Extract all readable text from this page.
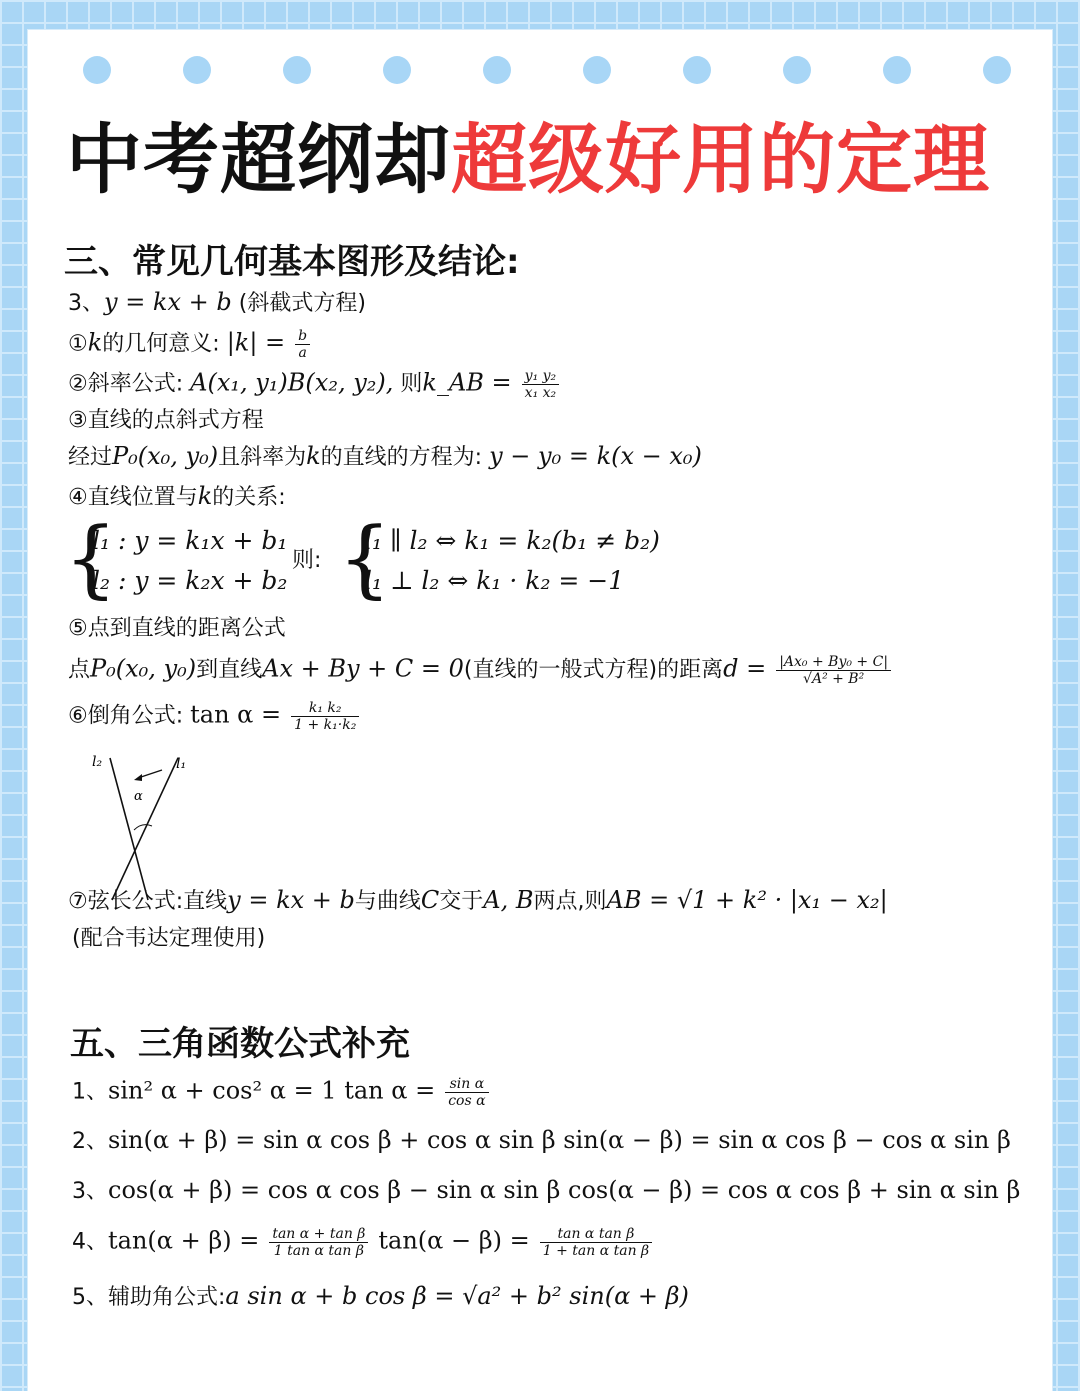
中考超纲却超级好用的定理
三、常见几何基本图形及结论:
3、y = kx + b (斜截式方程)
①k的几何意义: $|k| = \frac{b}{a}$
②斜率公式: A(x₁, y₁)B(x₂, y₂), 则k_AB = $\frac{\text{y₁ y₂}}{\text{x₁ x₂}}$
③直线的点斜式方程
经过P₀(x₀, y₀)且斜率为k的直线的方程为: y − y₀ = k(x − x₀)
④直线位置与k的关系:
{
l₁ : y = k₁x + b₁
l₂ : y = k₂x + b₂
则: {
l₁ ∥ l₂ ⇔ k₁ = k₂(b₁ ≠ b₂)
l₁ ⊥ l₂ ⇔ k₁ · k₂ = −1
⑤点到直线的距离公式
点P₀(x₀, y₀)到直线Ax + By + C = 0(直线的一般式方程)的距离$d = \frac{\text{|Ax₀ + By₀ + C|}}{\text{√A² + B²}}$
⑥倒角公式: $\tan \alpha = \frac{\text{k₁ k₂}}{\text{1 + k₁·k₂}}$
l₂	l₁
α
⑦弦长公式:直线y = kx + b与曲线C交于A, B两点,则AB = √1 + k² · |x₁ − x₂|
(配合韦达定理使用)
五、三角函数公式补充
1、sin² α + cos² α = 1 $\tan \alpha = \frac{\text{sin α}}{\text{cos α}}$
2、sin(α + β) = sin α cos β + cos α sin β sin(α − β) = sin α cos β − cos α sin β
3、cos(α + β) = cos α cos β − sin α sin β cos(α − β) = cos α cos β + sin α sin β
4、$\tan(\alpha + \beta) = \frac{\text{tan α + tan β}}{\text{1 tan α tan β}} \tan(\alpha - \beta) = \frac{\text{tan α tan β}}{\text{1 + tan α tan β}}$
5、辅助角公式:a sin α + b cos β = √a² + b² sin(α + β)
